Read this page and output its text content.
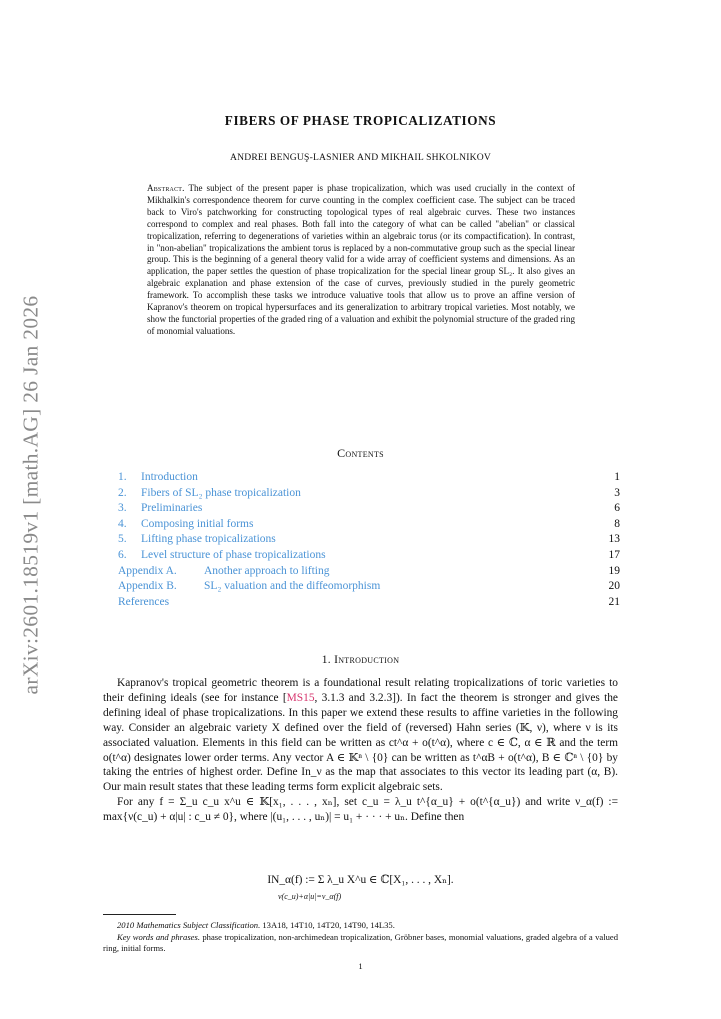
arXiv:2601.18519v1 [math.AG] 26 Jan 2026
FIBERS OF PHASE TROPICALIZATIONS
ANDREI BENGUŞ-LASNIER AND MIKHAIL SHKOLNIKOV
Abstract. The subject of the present paper is phase tropicalization, which was used crucially in the context of Mikhalkin's correspondence theorem for curve counting in the complex coefficient case. The subject can be traced back to Viro's patchworking for constructing topological types of real algebraic curves. These two instances correspond to complex and real phases. Both fall into the category of what can be called "abelian" or classical tropicalization, referring to degenerations of varieties within an algebraic torus (or its compactification). In contrast, in "non-abelian" tropicalizations the ambient torus is replaced by a non-commutative group such as the special linear group. This is the beginning of a general theory valid for a wide array of coefficient systems and dimensions. As an application, the paper settles the question of phase tropicalization for the special linear group SL₂. It also gives an algebraic explanation and phase extension of the case of curves, previously studied in the purely geometric framework. To accomplish these tasks we introduce valuative tools that allow us to prove an affine version of Kapranov's theorem on tropical hypersurfaces and its generalization to arbitrary tropical varieties. Most notably, we show the functorial properties of the graded ring of a valuation and exhibit the polynomial structure of the graded ring of monomial valuations.
Contents
1.	Introduction	1
2.	Fibers of SL₂ phase tropicalization	3
3.	Preliminaries	6
4.	Composing initial forms	8
5.	Lifting phase tropicalizations	13
6.	Level structure of phase tropicalizations	17
Appendix A.	Another approach to lifting	19
Appendix B.	SL₂ valuation and the diffeomorphism	20
References	21
1. Introduction

Kapranov's tropical geometric theorem is a foundational result relating tropicalizations of toric varieties to their defining ideals (see for instance [MS15, 3.1.3 and 3.2.3]). In fact the theorem is stronger and gives the defining ideal of phase tropicalizations. In this paper we extend these results to affine varieties in the following way. Consider an algebraic variety X defined over the field of (reversed) Hahn series (𝕂, ν), where ν is its associated valuation. Elements in this field can be written as ct^α + o(t^α), where c ∈ ℂ, α ∈ ℝ and the term o(t^α) designates lower order terms. Any vector A ∈ 𝕂ⁿ \ {0} can be written as t^αB + o(t^α), B ∈ ℂⁿ \ {0} by taking the entries of highest order. Define In_ν as the map that associates to this vector its leading part (α, B). Our main result states that these leading terms form explicit algebraic sets.

For any f = Σ_u c_u x^u ∈ 𝕂[x₁, . . . , xₙ], set c_u = λ_u t^{α_u} + o(t^{α_u}) and write ν_α(f) := max{ν(c_u) + α|u| : c_u ≠ 0}, where |(u₁, . . . , uₙ)| = u₁ + · · · + uₙ. Define then

IN_α(f) := Σ λ_u X^u ∈ ℂ[X₁, . . . , Xₙ].
ν(c_u)+α|u|=ν_α(f)

2010 Mathematics Subject Classification. 13A18, 14T10, 14T20, 14T90, 14L35.

Key words and phrases. phase tropicalization, non-archimedean tropicalization, Gröbner bases, monomial valuations, graded algebra of a valued ring, initial forms.

1
